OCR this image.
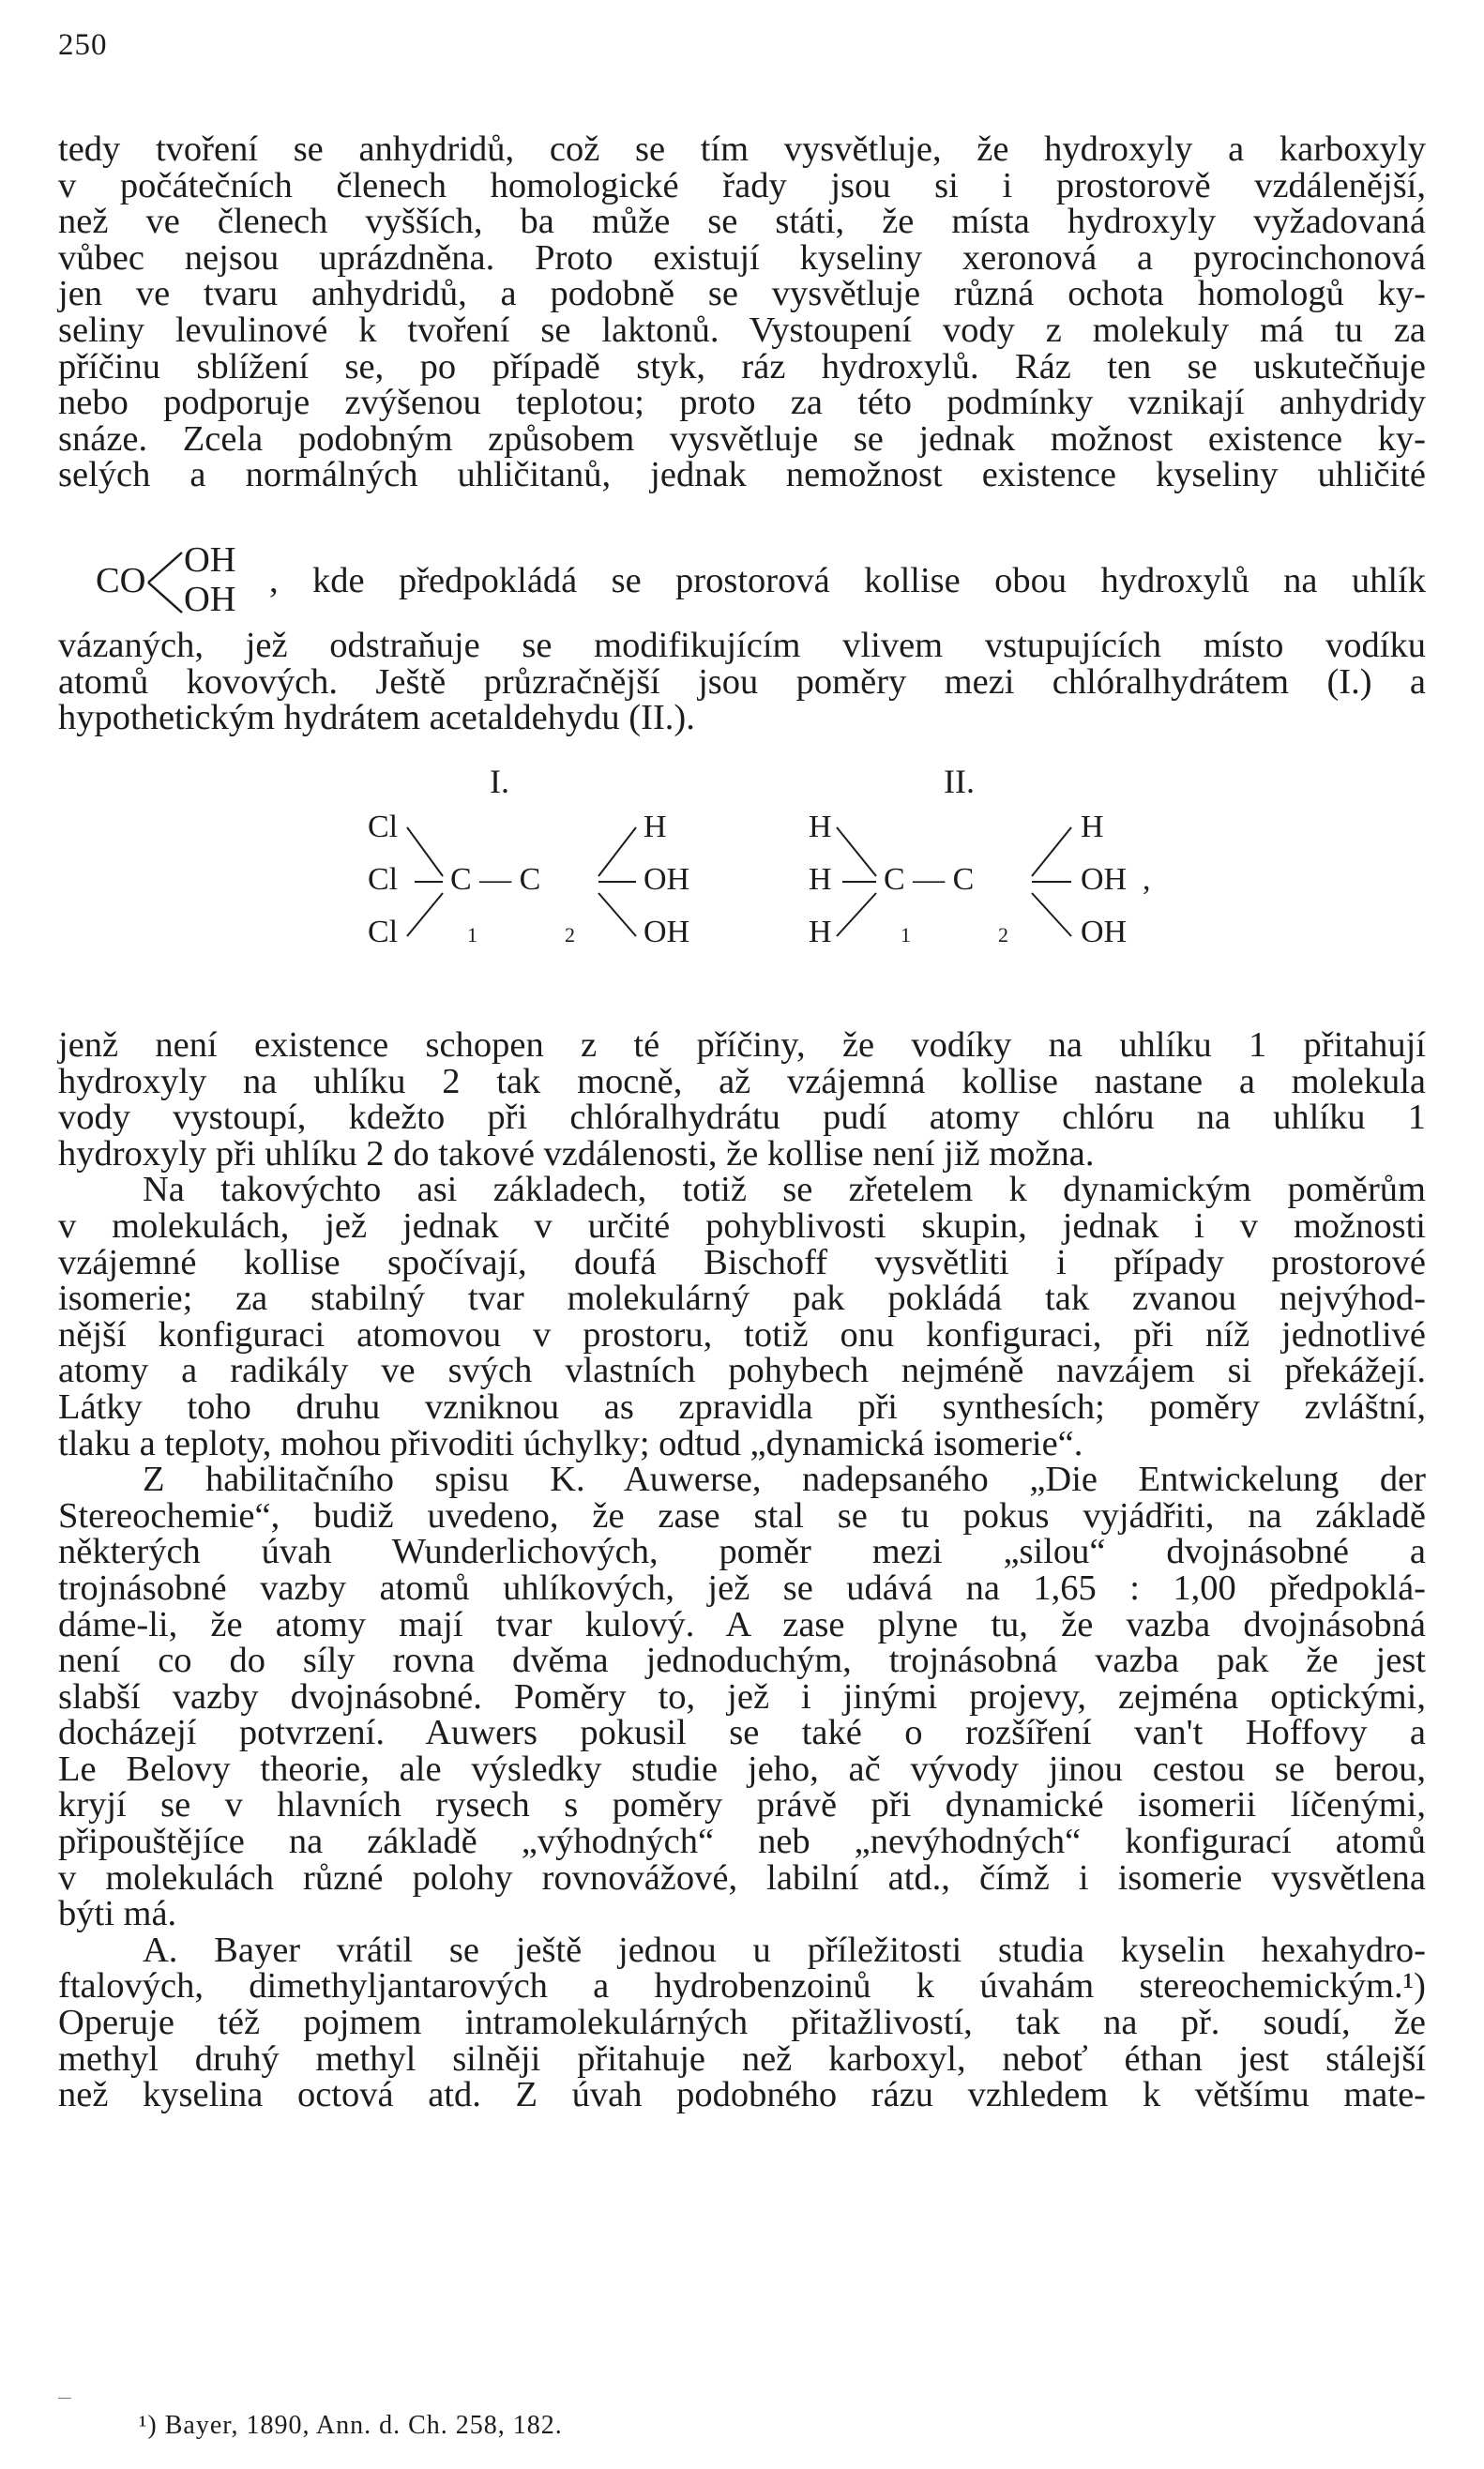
250
tedy tvoření se anhydridů, což se tím vysvětluje, že hydroxyly a karboxyly
v počátečních členech homologické řady jsou si i prostorově vzdálenější,
než ve členech vyšších, ba může se státi, že místa hydroxyly vyžadovaná
vůbec nejsou uprázdněna. Proto existují kyseliny xeronová a pyrocinchonová
jen ve tvaru anhydridů, a podobně se vysvětluje různá ochota homologů ky-
seliny levulinové k tvoření se laktonů. Vystoupení vody z molekuly má tu za
příčinu sblížení se, po případě styk, ráz hydroxylů. Ráz ten se uskutečňuje
nebo podporuje zvýšenou teplotou; proto za této podmínky vznikají anhydridy
snáze. Zcela podobným způsobem vysvětluje se jednak možnost existence ky-
selých a normálných uhličitanů, jednak nemožnost existence kyseliny uhličité
CO
OH
OH , kde předpokládá se prostorová kollise obou hydroxylů na uhlík
vázaných, jež odstraňuje se modifikujícím vlivem vstupujících místo vodíku
atomů kovových. Ještě průzračnější jsou poměry mezi chlóralhydrátem (I.) a
hypothetickým hydrátem acetaldehydu (II.).
I.	II.
Cl
Cl
Cl
C — C
H
OH
OH
1	2
H
H
H
C — C
H
OH
OH
,
1	2
jenž není existence schopen z té příčiny, že vodíky na uhlíku 1 přitahují
hydroxyly na uhlíku 2 tak mocně, až vzájemná kollise nastane a molekula
vody vystoupí, kdežto při chlóralhydrátu pudí atomy chlóru na uhlíku 1
hydroxyly při uhlíku 2 do takové vzdálenosti, že kollise není již možna.
Na takovýchto asi základech, totiž se zřetelem k dynamickým poměrům
v molekulách, jež jednak v určité pohyblivosti skupin, jednak i v možnosti
vzájemné kollise spočívají, doufá Bischoff vysvětliti i případy prostorové
isomerie; za stabilný tvar molekulárný pak pokládá tak zvanou nejvýhod-
nější konfiguraci atomovou v prostoru, totiž onu konfiguraci, při níž jednotlivé
atomy a radikály ve svých vlastních pohybech nejméně navzájem si překážejí.
Látky toho druhu vzniknou as zpravidla při synthesích; poměry zvláštní,
tlaku a teploty, mohou přivoditi úchylky; odtud „dynamická isomerie“.
Z habilitačního spisu K. Auwerse, nadepsaného „Die Entwickelung der
Stereochemie“, budiž uvedeno, že zase stal se tu pokus vyjádřiti, na základě
některých úvah Wunderlichových, poměr mezi „silou“ dvojnásobné a
trojnásobné vazby atomů uhlíkových, jež se udává na 1,65 : 1,00 předpoklá-
dáme-li, že atomy mají tvar kulový. A zase plyne tu, že vazba dvojnásobná
není co do síly rovna dvěma jednoduchým, trojnásobná vazba pak že jest
slabší vazby dvojnásobné. Poměry to, jež i jinými projevy, zejména optickými,
docházejí potvrzení. Auwers pokusil se také o rozšíření van't Hoffovy a
Le Belovy theorie, ale výsledky studie jeho, ač vývody jinou cestou se berou,
kryjí se v hlavních rysech s poměry právě při dynamické isomerii líčenými,
připouštějíce na základě „výhodných“ neb „nevýhodných“ konfigurací atomů
v molekulách různé polohy rovnovážové, labilní atd., čímž i isomerie vysvětlena
býti má.
A. Bayer vrátil se ještě jednou u příležitosti studia kyselin hexahydro-
ftalových, dimethyljantarových a hydrobenzoinů k úvahám stereochemickým.¹)
Operuje též pojmem intramolekulárných přitažlivostí, tak na př. soudí, že
methyl druhý methyl silněji přitahuje než karboxyl, neboť éthan jest stálejší
než kyselina octová atd. Z úvah podobného rázu vzhledem k většímu mate-
¹) Bayer, 1890, Ann. d. Ch. 258, 182.
